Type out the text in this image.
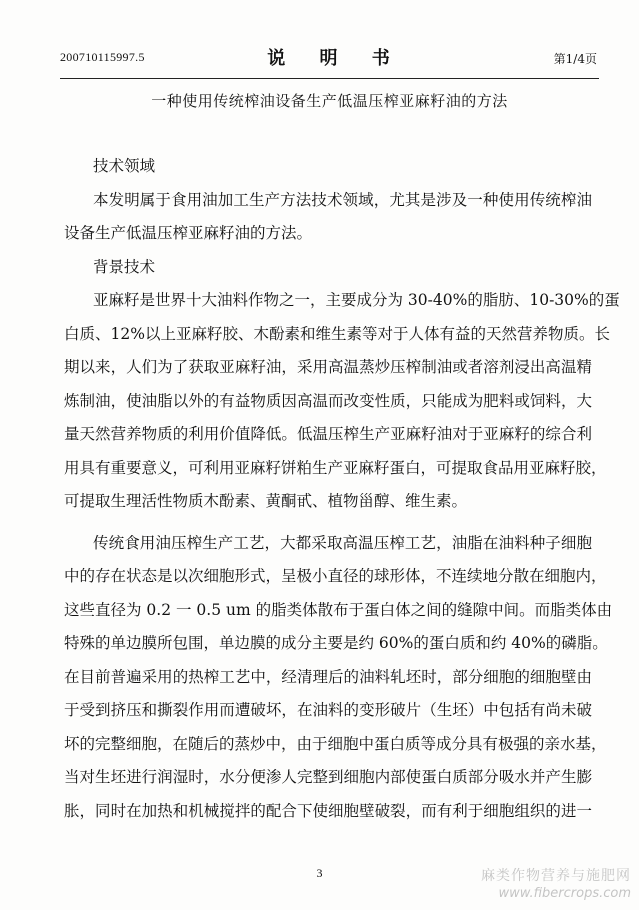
200710115997.5	说 明 书	第1/4页
一种使用传统榨油设备生产低温压榨亚麻籽油的方法
技术领域
本发明属于食用油加工生产方法技术领域，尤其是涉及一种使用传统榨油
设备生产低温压榨亚麻籽油的方法。
背景技术
亚麻籽是世界十大油料作物之一，主要成分为 30-40%的脂肪、10-30%的蛋
白质、12%以上亚麻籽胶、木酚素和维生素等对于人体有益的天然营养物质。长
期以来，人们为了获取亚麻籽油，采用高温蒸炒压榨制油或者溶剂浸出高温精
炼制油，使油脂以外的有益物质因高温而改变性质，只能成为肥料或饲料，大
量天然营养物质的利用价值降低。低温压榨生产亚麻籽油对于亚麻籽的综合利
用具有重要意义，可利用亚麻籽饼粕生产亚麻籽蛋白，可提取食品用亚麻籽胶，
可提取生理活性物质木酚素、黄酮甙、植物甾醇、维生素。
传统食用油压榨生产工艺，大都采取高温压榨工艺，油脂在油料种子细胞
中的存在状态是以次细胞形式，呈极小直径的球形体，不连续地分散在细胞内，
这些直径为 0.2 一 0.5 um 的脂类体散布于蛋白体之间的缝隙中间。而脂类体由
特殊的单边膜所包围，单边膜的成分主要是约 60%的蛋白质和约 40%的磷脂。
在目前普遍采用的热榨工艺中，经清理后的油料轧坯时，部分细胞的细胞壁由
于受到挤压和撕裂作用而遭破坏，在油料的变形破片（生坯）中包括有尚未破
坏的完整细胞，在随后的蒸炒中，由于细胞中蛋白质等成分具有极强的亲水基，
当对生坯进行润湿时，水分便渗人完整到细胞内部使蛋白质部分吸水并产生膨
胀，同时在加热和机械搅拌的配合下使细胞壁破裂，而有利于细胞组织的进一
3	麻类作物营养与施肥网
www.fibercrops.com
